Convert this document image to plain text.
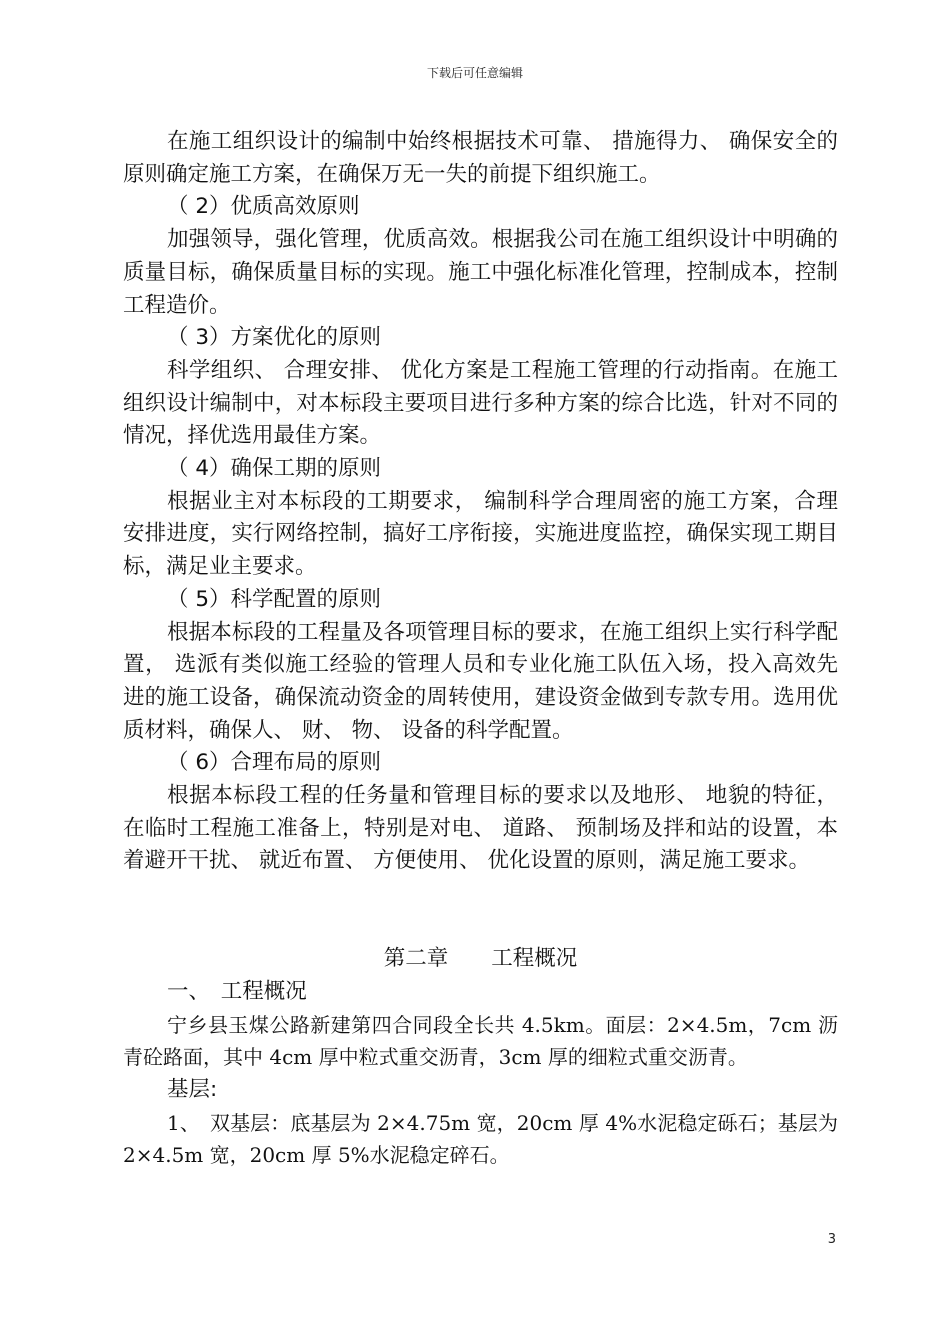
下载后可任意编辑

在施工组织设计的编制中始终根据技术可靠、 措施得力、 确保安全的原则确定施工方案，在确保万无一失的前提下组织施工。

（ 2）优质高效原则

加强领导，强化管理，优质高效。根据我公司在施工组织设计中明确的质量目标，确保质量目标的实现。施工中强化标准化管理，控制成本，控制工程造价。

（ 3）方案优化的原则

科学组织、 合理安排、 优化方案是工程施工管理的行动指南。在施工组织设计编制中，对本标段主要项目进行多种方案的综合比选，针对不同的情况，择优选用最佳方案。

（ 4）确保工期的原则

根据业主对本标段的工期要求， 编制科学合理周密的施工方案，合理安排进度，实行网络控制，搞好工序衔接，实施进度监控，确保实现工期目标，满足业主要求。

（ 5）科学配置的原则

根据本标段的工程量及各项管理目标的要求，在施工组织上实行科学配置， 选派有类似施工经验的管理人员和专业化施工队伍入场，投入高效先进的施工设备，确保流动资金的周转使用，建设资金做到专款专用。选用优质材料，确保人、 财、 物、 设备的科学配置。

（ 6）合理布局的原则

根据本标段工程的任务量和管理目标的要求以及地形、 地貌的特征，在临时工程施工准备上，特别是对电、 道路、 预制场及拌和站的设置，本着避开干扰、 就近布置、 方便使用、 优化设置的原则，满足施工要求。

第二章　　工程概况

一、　工程概况

宁乡县玉煤公路新建第四合同段全长共 4.5km。面层：2×4.5m，7cm 沥青砼路面，其中 4cm 厚中粒式重交沥青，3cm 厚的细粒式重交沥青。

基层:

1、　双基层：底基层为 2×4.75m 宽，20cm 厚 4%水泥稳定砾石；基层为 2×4.5m 宽，20cm 厚 5%水泥稳定碎石。

3
